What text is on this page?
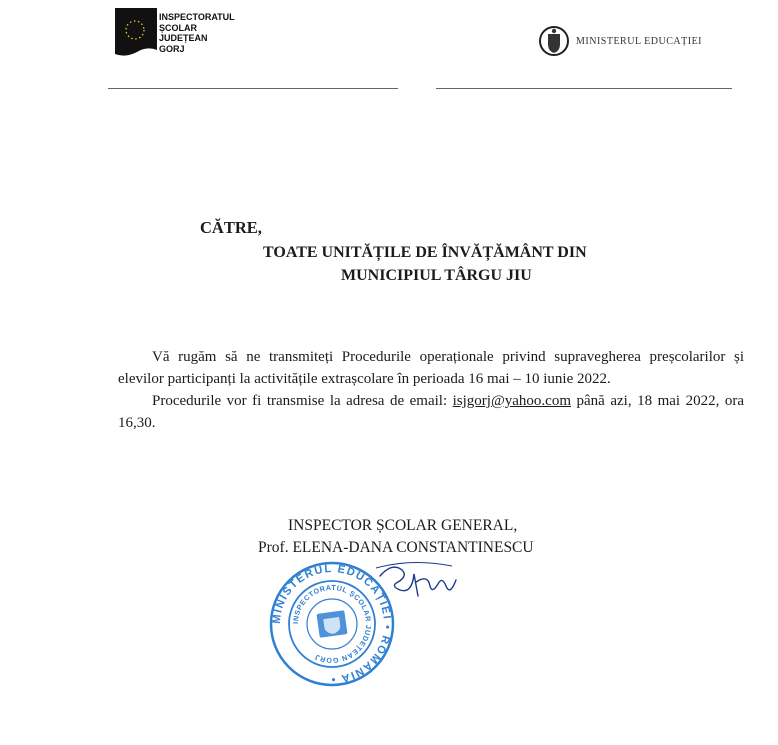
INSPECTORATUL
ȘCOLAR
JUDEȚEAN
GORJ
MINISTERUL EDUCAȚIEI
CĂTRE,
TOATE UNITĂȚILE DE ÎNVĂȚĂMÂNT DIN
MUNICIPIUL TÂRGU JIU

Vă rugăm să ne transmiteți Procedurile operaționale privind supravegherea preșcolarilor și elevilor participanți la activitățile extrașcolare în perioada 16 mai – 10 iunie 2022.

Procedurile vor fi transmise la adresa de email: isjgorj@yahoo.com până azi, 18 mai 2022, ora 16,30.

INSPECTOR ȘCOLAR GENERAL,
Prof. ELENA-DANA CONSTANTINESCU
MINISTERUL EDUCAȚIEI • ROMÂNIA •
INSPECTORATUL ȘCOLAR JUDEȚEAN GORJ
